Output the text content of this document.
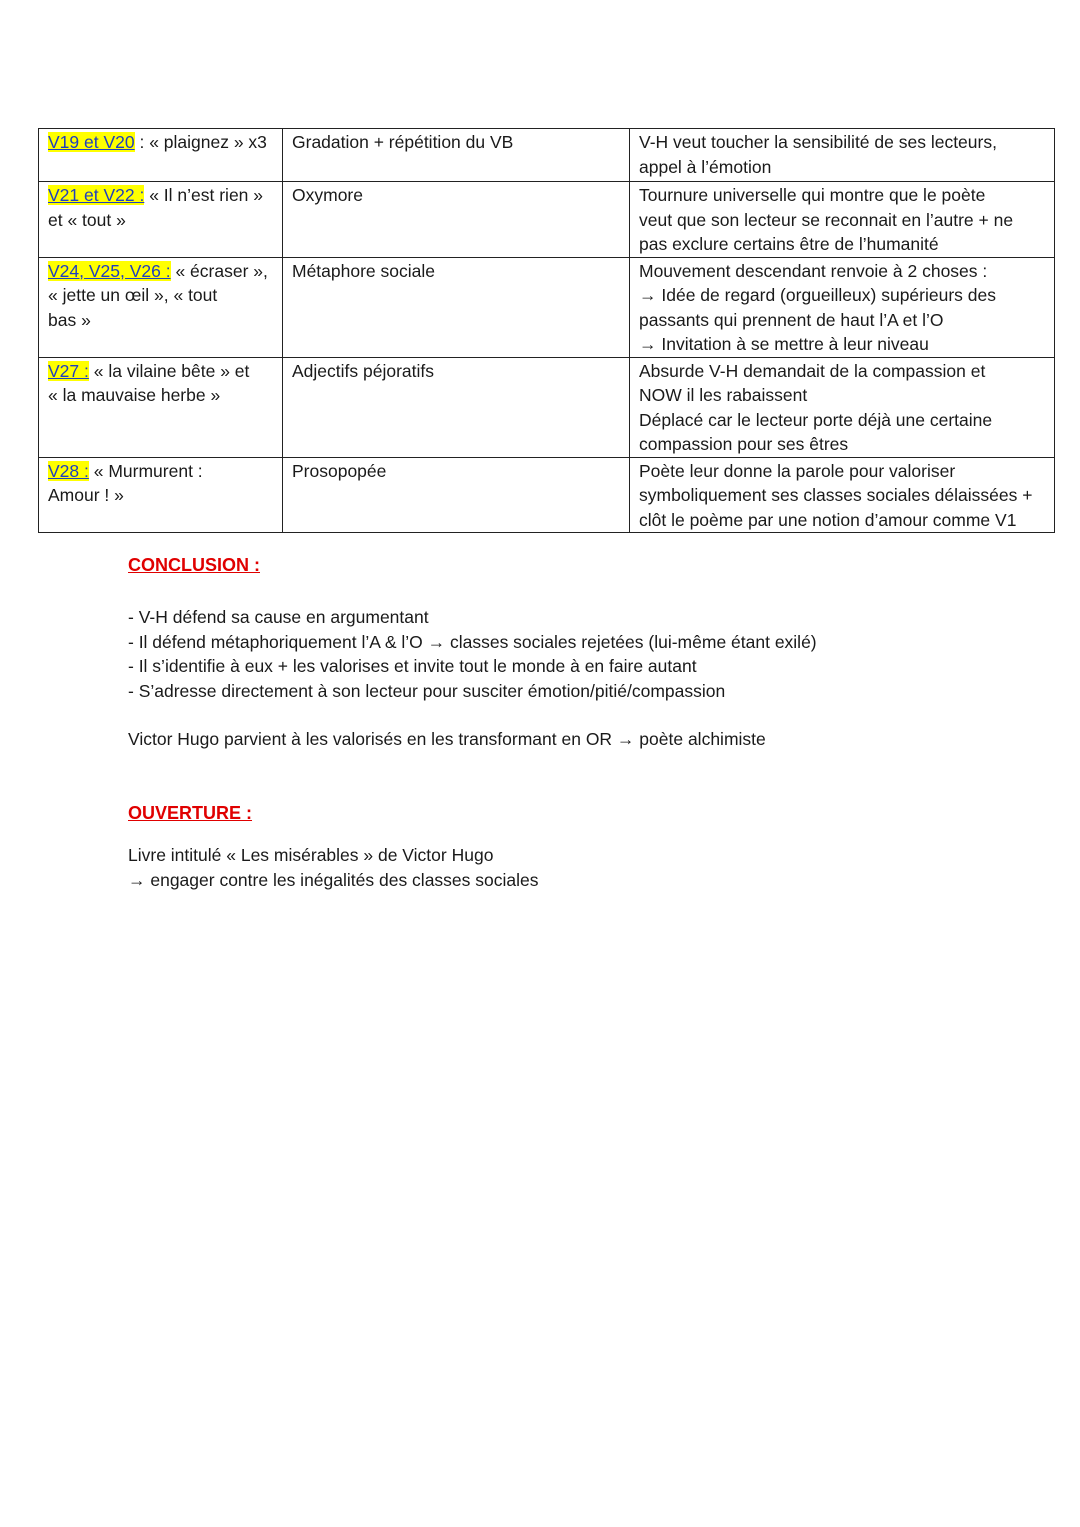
V19 et V20 : « plaignez » x3	Gradation + répétition du VB	V-H veut toucher la sensibilité de ses lecteurs,
appel à l’émotion

V21 et V22 : « Il n’est rien »
et « tout »	Oxymore	Tournure universelle qui montre que le poète
veut que son lecteur se reconnait en l’autre + ne
pas exclure certains être de l’humanité

V24, V25, V26 : « écraser »,
« jette un œil », « tout
bas »	Métaphore sociale	Mouvement descendant renvoie à 2 choses :
→ Idée de regard (orgueilleux) supérieurs des
passants qui prennent de haut l’A et l’O
→ Invitation à se mettre à leur niveau

V27 : « la vilaine bête » et
« la mauvaise herbe »	Adjectifs péjoratifs	Absurde V-H demandait de la compassion et
NOW il les rabaissent
Déplacé car le lecteur porte déjà une certaine
compassion pour ses êtres

V28 : « Murmurent :
Amour ! »	Prosopopée	Poète leur donne la parole pour valoriser
symboliquement ses classes sociales délaissées +
clôt le poème par une notion d’amour comme V1
CONCLUSION :
- V-H défend sa cause en argumentant
- Il défend métaphoriquement l’A & l’O → classes sociales rejetées (lui-même étant exilé)
- Il s’identifie à eux + les valorises et invite tout le monde à en faire autant
- S’adresse directement à son lecteur pour susciter émotion/pitié/compassion

Victor Hugo parvient à les valorisés en les transformant en OR → poète alchimiste

OUVERTURE :

Livre intitulé « Les misérables » de Victor Hugo
→ engager contre les inégalités des classes sociales
